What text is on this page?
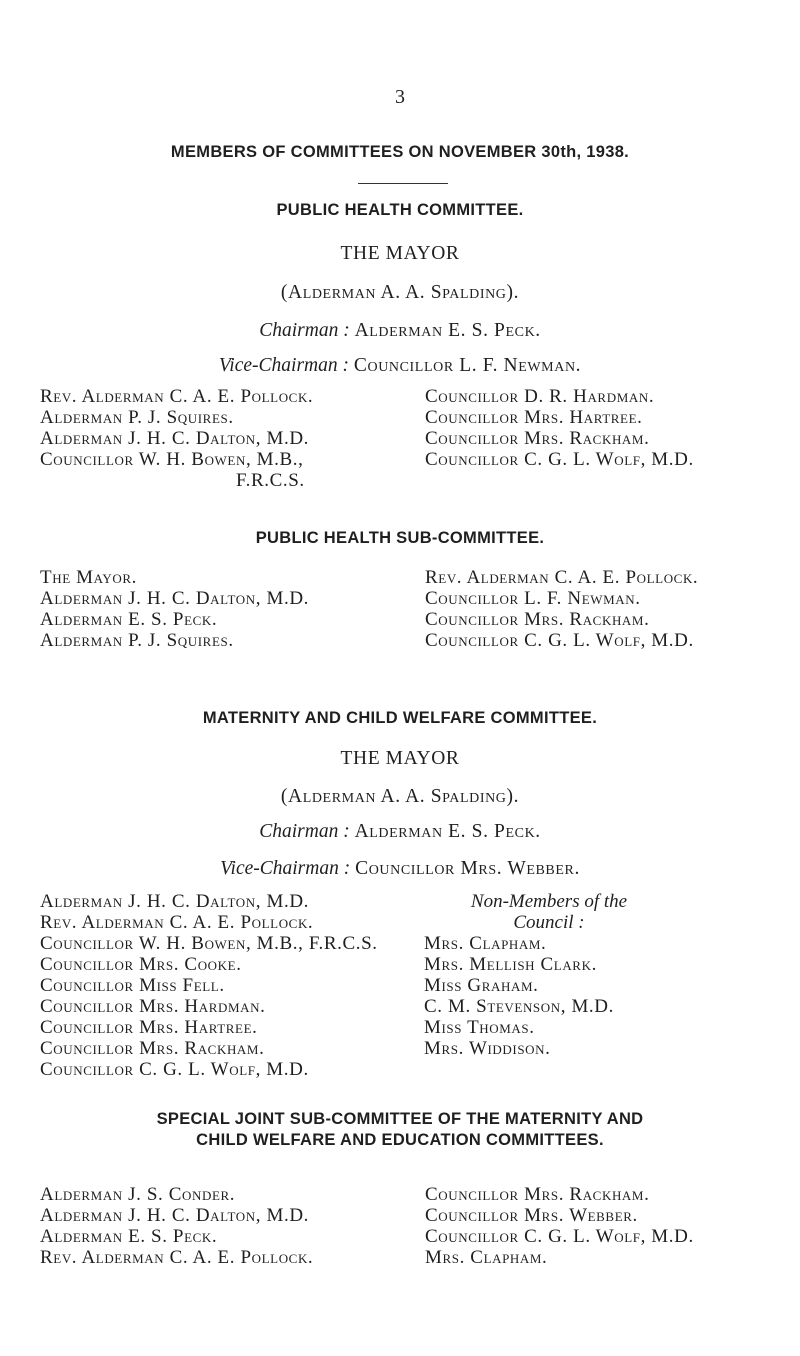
3
MEMBERS OF COMMITTEES ON NOVEMBER 30th, 1938.
PUBLIC HEALTH COMMITTEE.
THE MAYOR
(Alderman A. A. Spalding).
Chairman : Alderman E. S. Peck.
Vice-Chairman : Councillor L. F. Newman.
Rev. Alderman C. A. E. Pollock.
Alderman P. J. Squires.
Alderman J. H. C. Dalton, M.D.
Councillor W. H. Bowen, M.B.,
F.R.C.S.
Councillor D. R. Hardman.
Councillor Mrs. Hartree.
Councillor Mrs. Rackham.
Councillor C. G. L. Wolf, M.D.
PUBLIC HEALTH SUB-COMMITTEE.
The Mayor.
Alderman J. H. C. Dalton, M.D.
Alderman E. S. Peck.
Alderman P. J. Squires.
Rev. Alderman C. A. E. Pollock.
Councillor L. F. Newman.
Councillor Mrs. Rackham.
Councillor C. G. L. Wolf, M.D.
MATERNITY AND CHILD WELFARE COMMITTEE.
THE MAYOR
(Alderman A. A. Spalding).
Chairman : Alderman E. S. Peck.
Vice-Chairman : Councillor Mrs. Webber.
Alderman J. H. C. Dalton, M.D.
Rev. Alderman C. A. E. Pollock.
Councillor W. H. Bowen, M.B., F.R.C.S.
Councillor Mrs. Cooke.
Councillor Miss Fell.
Councillor Mrs. Hardman.
Councillor Mrs. Hartree.
Councillor Mrs. Rackham.
Councillor C. G. L. Wolf, M.D.
Non-Members of the
Council :
Mrs. Clapham.
Mrs. Mellish Clark.
Miss Graham.
C. M. Stevenson, M.D.
Miss Thomas.
Mrs. Widdison.
SPECIAL JOINT SUB-COMMITTEE OF THE MATERNITY AND
CHILD WELFARE AND EDUCATION COMMITTEES.
Alderman J. S. Conder.
Alderman J. H. C. Dalton, M.D.
Alderman E. S. Peck.
Rev. Alderman C. A. E. Pollock.
Councillor Mrs. Rackham.
Councillor Mrs. Webber.
Councillor C. G. L. Wolf, M.D.
Mrs. Clapham.
